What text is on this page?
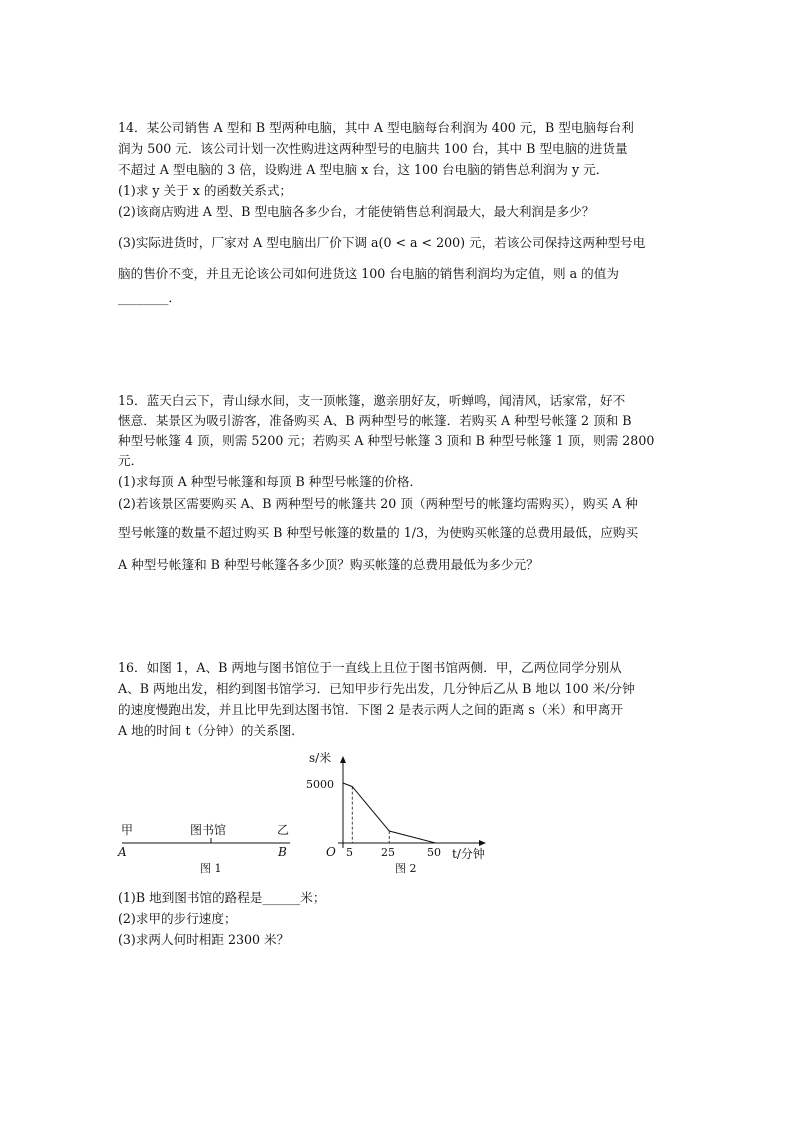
14．某公司销售 A 型和 B 型两种电脑，其中 A 型电脑每台利润为 400 元，B 型电脑每台利
润为 500 元．该公司计划一次性购进这两种型号的电脑共 100 台，其中 B 型电脑的进货量
不超过 A 型电脑的 3 倍，设购进 A 型电脑 x 台，这 100 台电脑的销售总利润为 y 元．
(1)求 y 关于 x 的函数关系式；
(2)该商店购进 A 型、B 型电脑各多少台，才能使销售总利润最大，最大利润是多少？
(3)实际进货时，厂家对 A 型电脑出厂价下调 a(0 < a < 200) 元，若该公司保持这两种型号电
脑的售价不变，并且无论该公司如何进货这 100 台电脑的销售利润均为定值，则 a 的值为
________．
15．蓝天白云下，青山绿水间，支一顶帐篷，邀亲朋好友，听蝉鸣，闻清风，话家常，好不
惬意．某景区为吸引游客，准备购买 A、B 两种型号的帐篷．若购买 A 种型号帐篷 2 顶和 B
种型号帐篷 4 顶，则需 5200 元；若购买 A 种型号帐篷 3 顶和 B 种型号帐篷 1 顶，则需 2800
元．
(1)求每顶 A 种型号帐篷和每顶 B 种型号帐篷的价格．
(2)若该景区需要购买 A、B 两种型号的帐篷共 20 顶（两种型号的帐篷均需购买），购买 A 种
型号帐篷的数量不超过购买 B 种型号帐篷的数量的 1/3，为使购买帐篷的总费用最低，应购买
A 种型号帐篷和 B 种型号帐篷各多少顶？购买帐篷的总费用最低为多少元？
16．如图 1，A、B 两地与图书馆位于一直线上且位于图书馆两侧．甲，乙两位同学分别从
A、B 两地出发，相约到图书馆学习．已知甲步行先出发，几分钟后乙从 B 地以 100 米/分钟
的速度慢跑出发，并且比甲先到达图书馆．下图 2 是表示两人之间的距离 s（米）和甲离开
A 地的时间 t（分钟）的关系图．
甲	图书馆	乙
A	B
图 1
s/米
t/分钟
O
5000
5	25	50
图 2
(1)B 地到图书馆的路程是______米；
(2)求甲的步行速度；
(3)求两人何时相距 2300 米？
